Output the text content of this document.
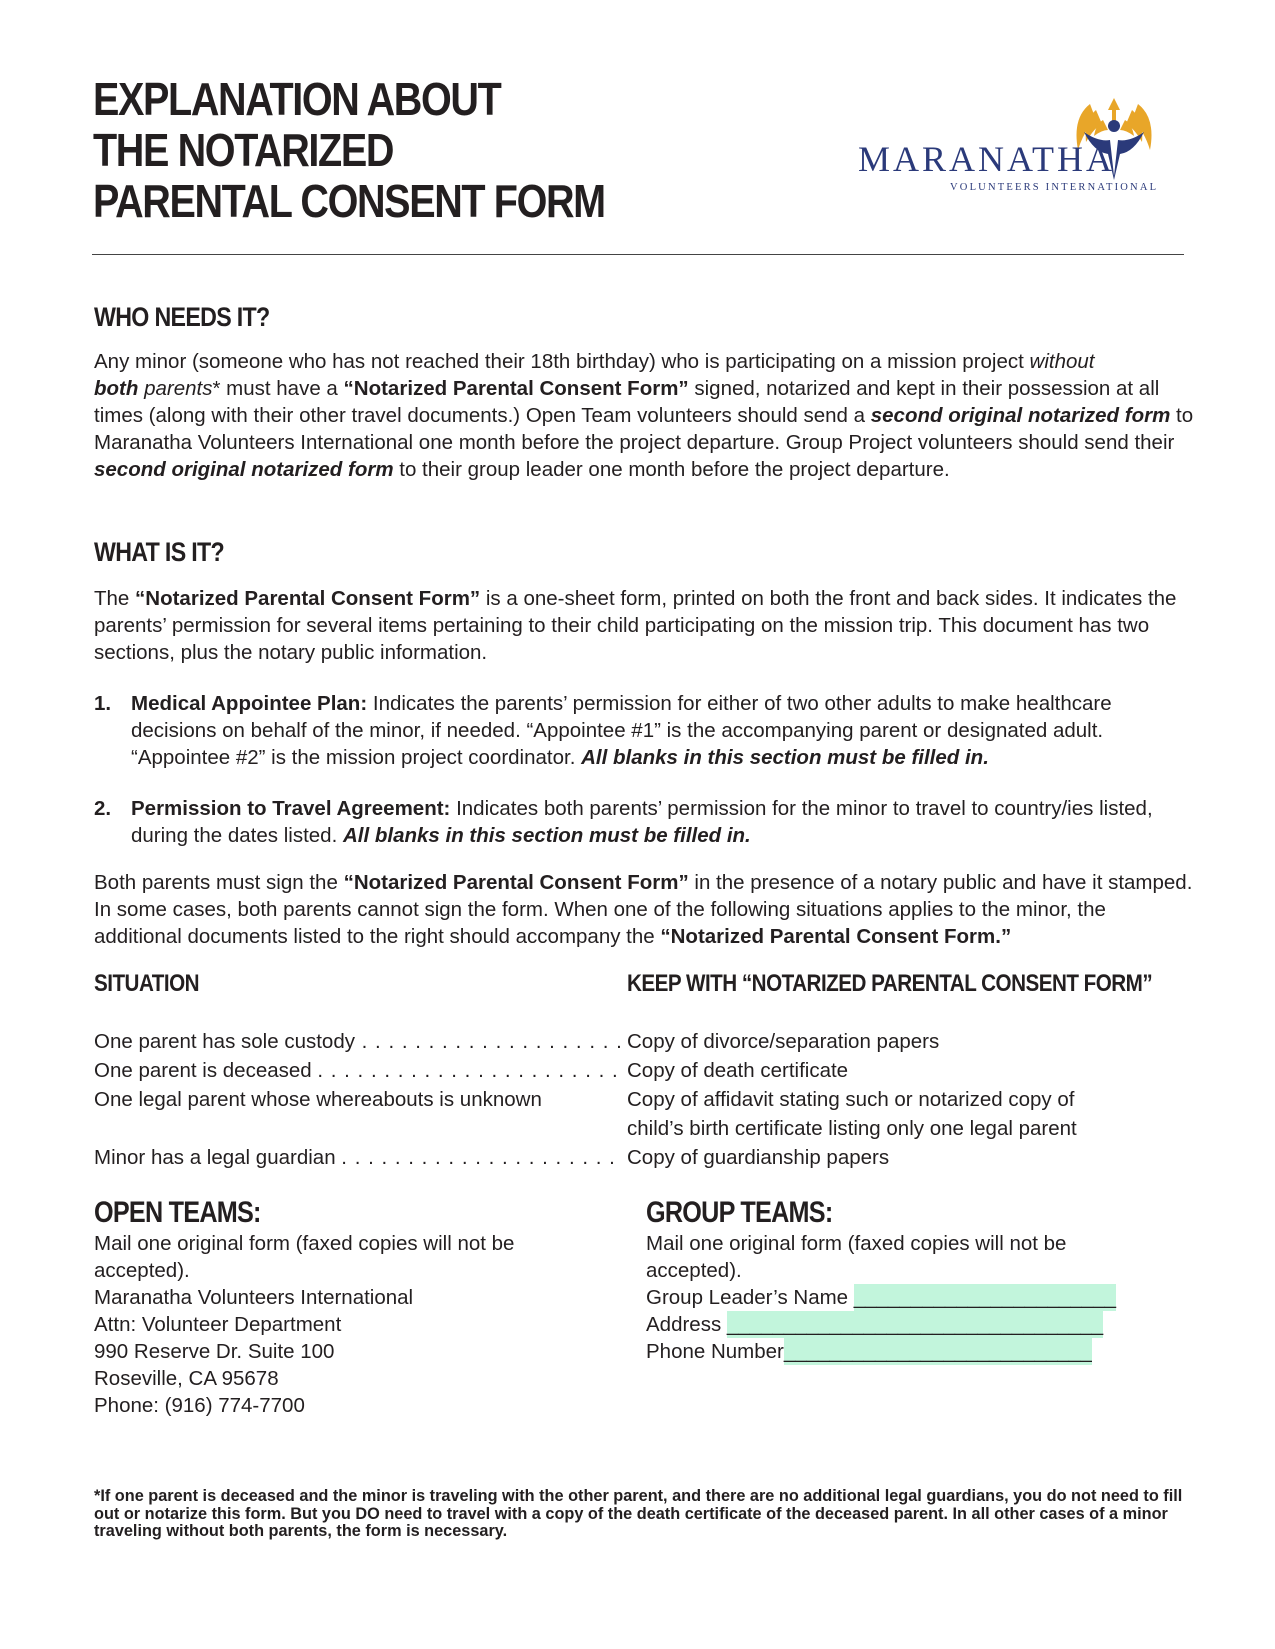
EXPLANATION ABOUT
THE NOTARIZED
PARENTAL CONSENT FORM
MARANATHA
VOLUNTEERS INTERNATIONAL
WHO NEEDS IT?

Any minor (someone who has not reached their 18th birthday) who is participating on a mission project without
both parents* must have a “Notarized Parental Consent Form” signed, notarized and kept in their possession at all times (along with their other travel documents.) Open Team volunteers should send a second original notarized form to Maranatha Volunteers International one month before the project departure. Group Project volunteers should send their second original notarized form to their group leader one month before the project departure.

WHAT IS IT?

The “Notarized Parental Consent Form” is a one-sheet form, printed on both the front and back sides. It indicates the parents’ permission for several items pertaining to their child participating on the mission trip. This document has two sections, plus the notary public information.

1. Medical Appointee Plan: Indicates the parents’ permission for either of two other adults to make healthcare decisions on behalf of the minor, if needed. “Appointee #1” is the accompanying parent or designated adult. “Appointee #2” is the mission project coordinator. All blanks in this section must be filled in.
2. Permission to Travel Agreement: Indicates both parents’ permission for the minor to travel to country/ies listed, during the dates listed. All blanks in this section must be filled in.

Both parents must sign the “Notarized Parental Consent Form” in the presence of a notary public and have it stamped. In some cases, both parents cannot sign the form. When one of the following situations applies to the minor, the additional documents listed to the right should accompany the “Notarized Parental Consent Form.”

SITUATION	KEEP WITH “NOTARIZED PARENTAL CONSENT FORM”
One parent has sole custody . . .	Copy of divorce/separation papers
One parent is deceased . . .	Copy of death certificate
One legal parent whose whereabouts is unknown	Copy of affidavit stating such or notarized copy of
child’s birth certificate listing only one legal parent
Minor has a legal guardian . . .	Copy of guardianship papers
OPEN TEAMS:
Mail one original form (faxed copies will not be
accepted).
Maranatha Volunteers International
Attn: Volunteer Department
990 Reserve Dr. Suite 100
Roseville, CA 95678
Phone: (916) 774-7700
GROUP TEAMS:
Mail one original form (faxed copies will not be
accepted).
Group Leader’s Name _______________________
Address _________________________________
Phone Number___________________________

*If one parent is deceased and the minor is traveling with the other parent, and there are no additional legal guardians, you do not need to fill out or notarize this form. But you DO need to travel with a copy of the death certificate of the deceased parent. In all other cases of a minor traveling without both parents, the form is necessary.
